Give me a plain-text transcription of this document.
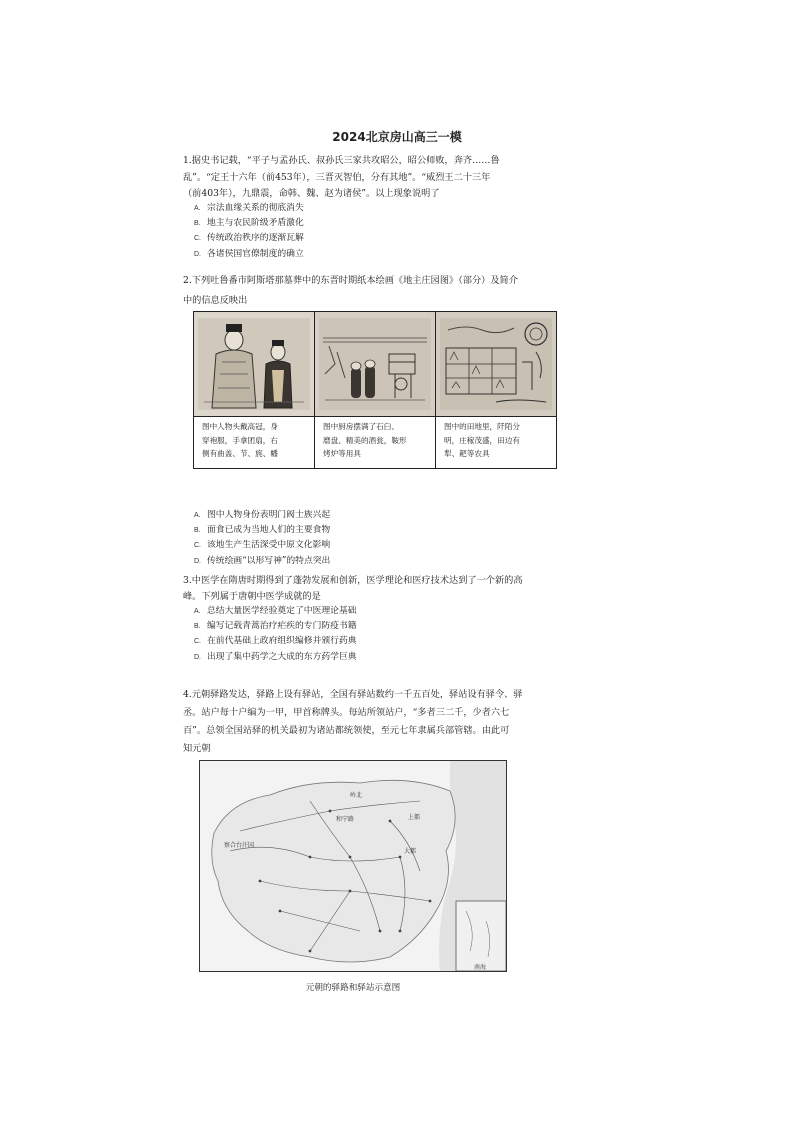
2024北京房山高三一模
1.据史书记载，“平子与孟孙氏、叔孙氏三家共攻昭公，昭公师败，奔齐……鲁
乱”。“定王十六年（前453年），三晋灭智伯，分有其地”。“威烈王二十三年
（前403年），九鼎震，命韩、魏、赵为诸侯”。以上现象说明了
A. 宗法血缘关系的彻底消失
B. 地主与农民阶级矛盾激化
C. 传统政治秩序的逐渐瓦解
D. 各诸侯国官僚制度的确立
2.下列吐鲁番市阿斯塔那墓葬中的东晋时期纸本绘画《地主庄园图》（部分）及简介
中的信息反映出
图中人物头戴高冠，身
穿袍服，手拿团扇，右
侧有曲盖、节、旄、幡
图中厨房摆满了石臼、
磨盘、精美的酒瓮，鞍形
烤炉等用具
图中的田地里，阡陌分
明，庄稼茂盛，田边有
犁、耙等农具
A. 图中人物身份表明门阀士族兴起
B. 面食已成为当地人们的主要食物
C. 该地生产生活深受中原文化影响
D. 传统绘画“以形写神”的特点突出
3.中医学在隋唐时期得到了蓬勃发展和创新，医学理论和医疗技术达到了一个新的高
峰。下列属于唐朝中医学成就的是
A. 总结大量医学经验奠定了中医理论基础
B. 编写记载青蒿治疗疟疾的专门防疫书籍
C. 在前代基础上政府组织编修并颁行药典
D. 出现了集中药学之大成的东方药学巨典
4.元朝驿路发达，驿路上设有驿站，全国有驿站数约一千五百处，驿站设有驿令、驿
丞。站户每十户编为一甲，甲首称牌头。每站所领站户，“多者三二千，少者六七
百”。总领全国站驿的机关最初为诸站都统领使，至元七年隶属兵部管辖。由此可
知元朝
察合台汗国
岭北
大都
南海
和宁路	上都
元朝的驿路和驿站示意图
